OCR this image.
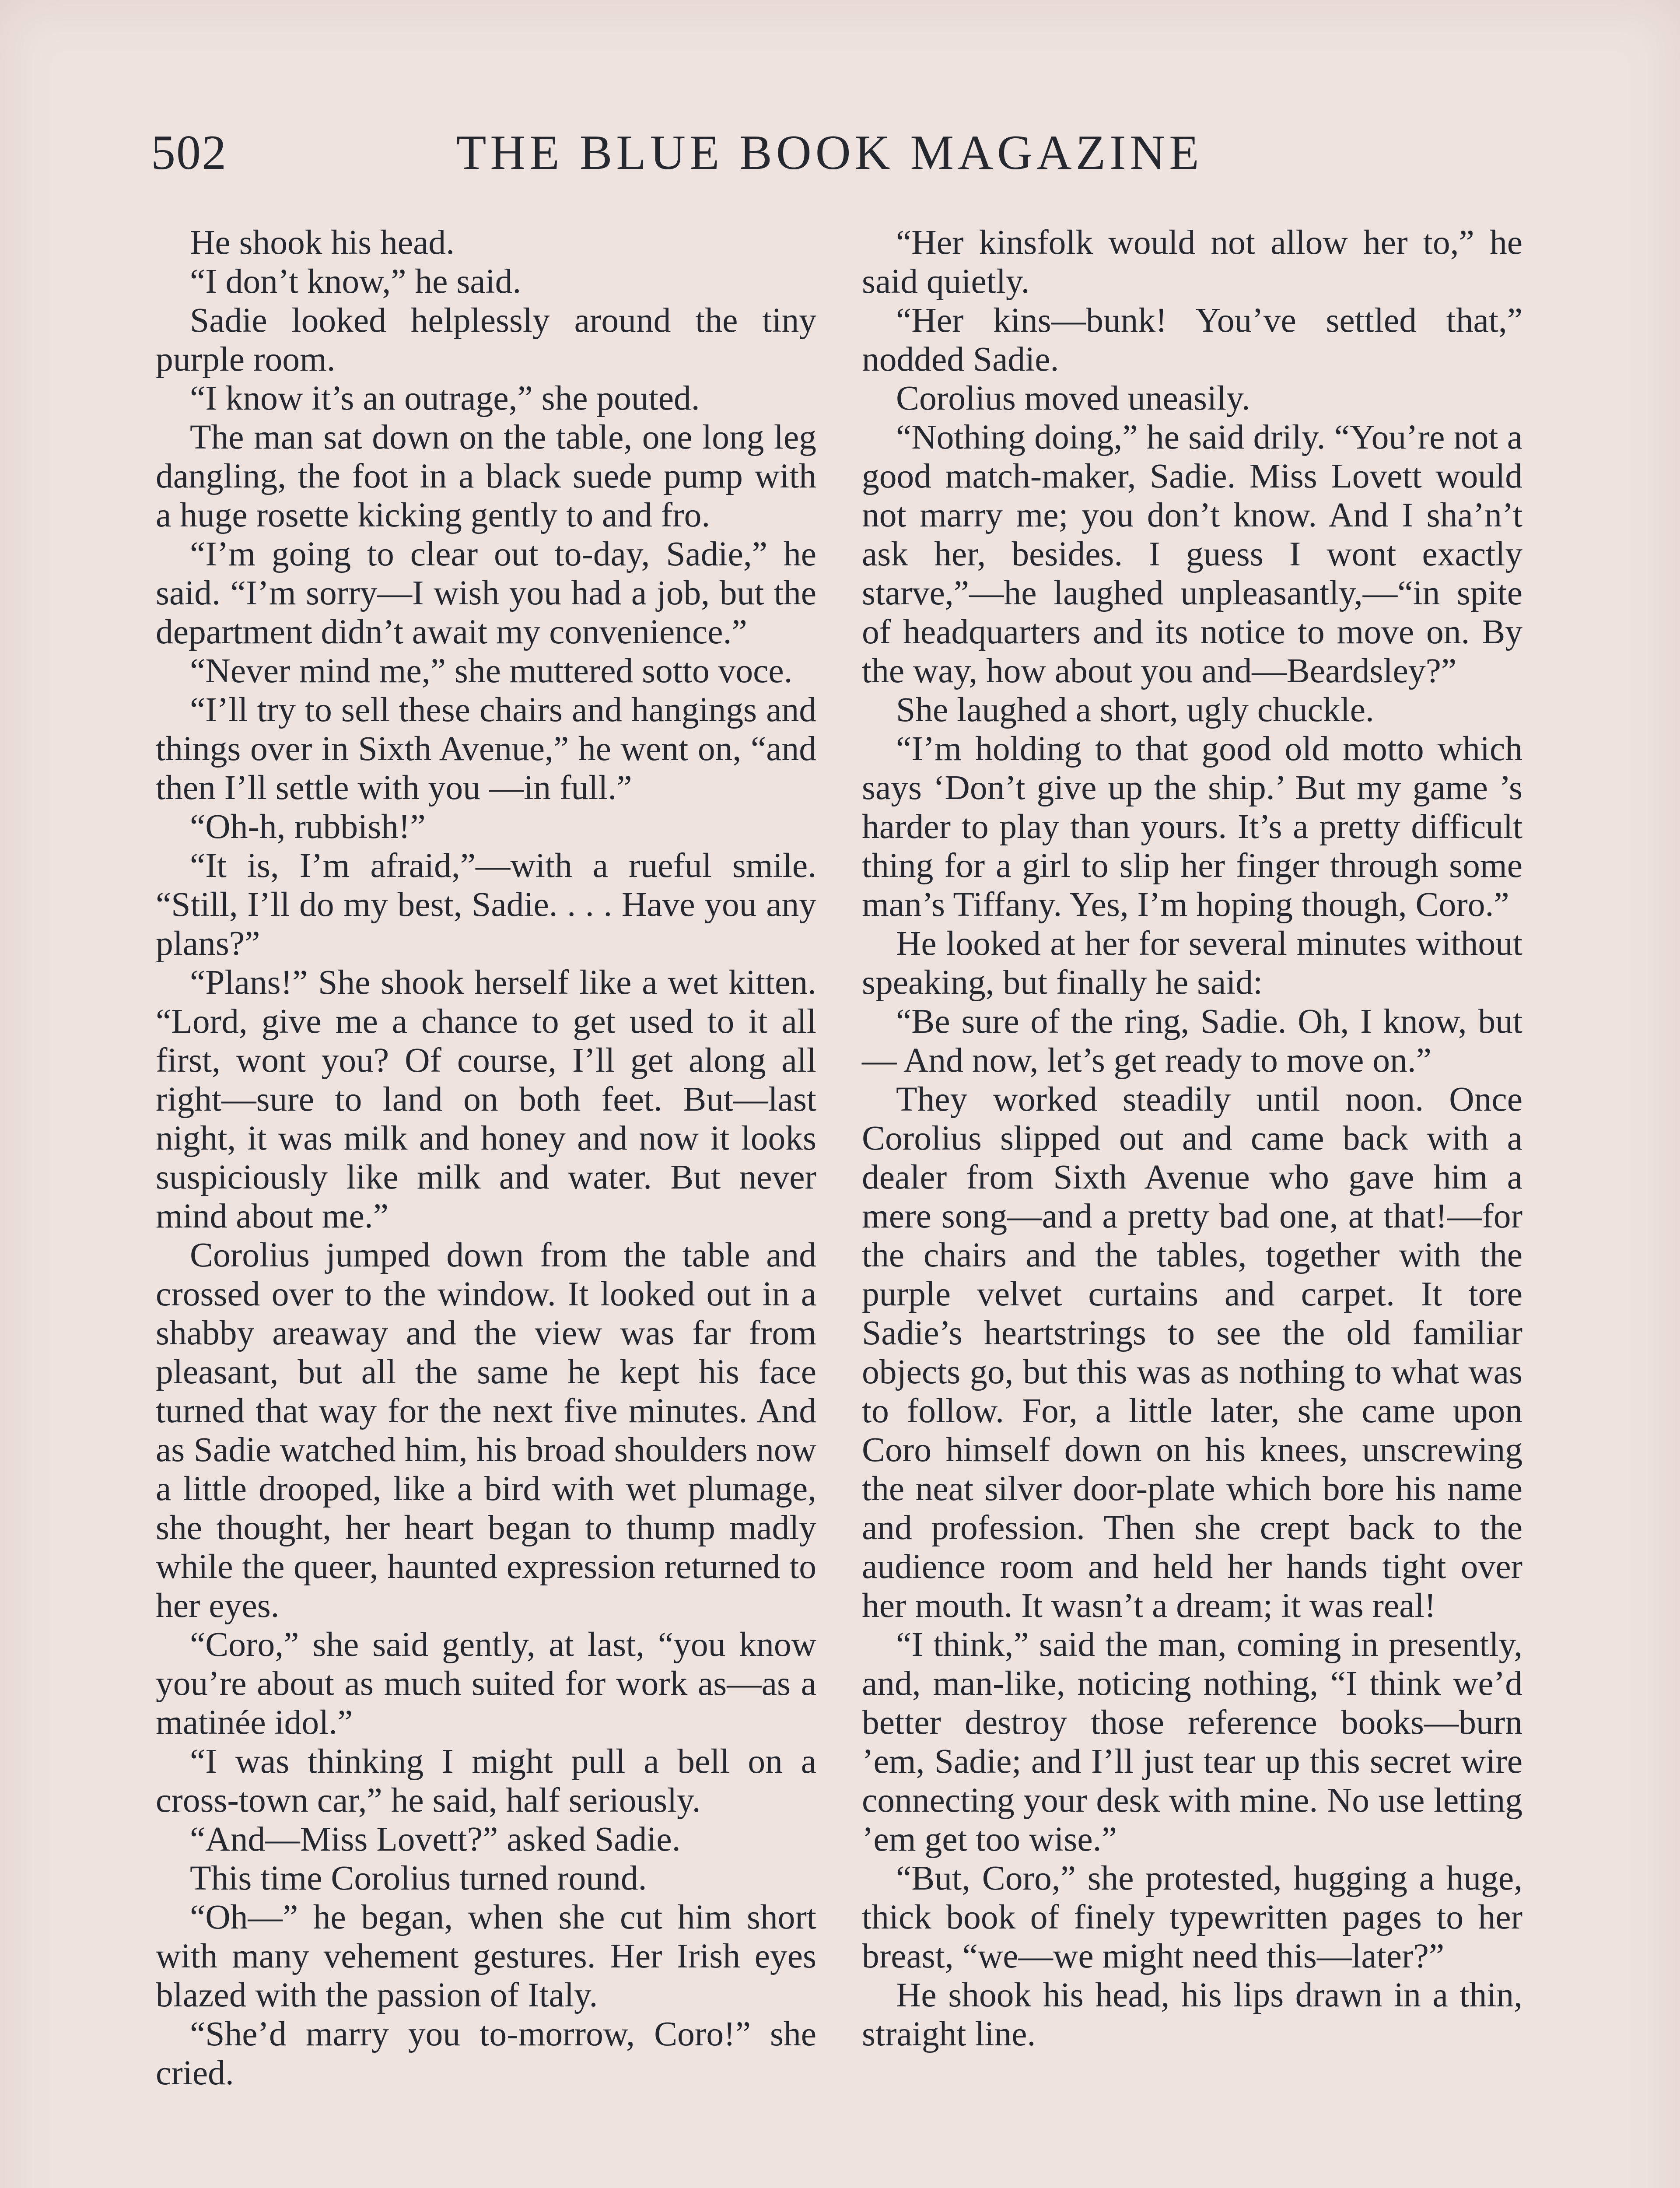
502	THE BLUE BOOK MAGAZINE

He shook his head.

“I don’t know,” he said.

Sadie looked helplessly around the tiny purple room.

“I know it’s an outrage,” she pouted.

The man sat down on the table, one long leg dangling, the foot in a black suede pump with a huge rosette kicking gently to and fro.

“I’m going to clear out to-day, Sadie,” he said. “I’m sorry—I wish you had a job, but the department didn’t await my convenience.”

“Never mind me,” she muttered sotto voce.

“I’ll try to sell these chairs and hangings and things over in Sixth Avenue,” he went on, “and then I’ll settle with you —in full.”

“Oh-h, rubbish!”

“It is, I’m afraid,”—with a rueful smile. “Still, I’ll do my best, Sadie. . . . Have you any plans?”

“Plans!” She shook herself like a wet kitten. “Lord, give me a chance to get used to it all first, wont you? Of course, I’ll get along all right—sure to land on both feet. But—last night, it was milk and honey and now it looks suspiciously like milk and water. But never mind about me.”

Corolius jumped down from the table and crossed over to the window. It looked out in a shabby areaway and the view was far from pleasant, but all the same he kept his face turned that way for the next five minutes. And as Sadie watched him, his broad shoulders now a little drooped, like a bird with wet plumage, she thought, her heart began to thump madly while the queer, haunted expression returned to her eyes.

“Coro,” she said gently, at last, “you know you’re about as much suited for work as—as a matinée idol.”

“I was thinking I might pull a bell on a cross-town car,” he said, half seriously.

“And—Miss Lovett?” asked Sadie.

This time Corolius turned round.

“Oh—” he began, when she cut him short with many vehement gestures. Her Irish eyes blazed with the passion of Italy.

“She’d marry you to-morrow, Coro!” she cried.

“Her kinsfolk would not allow her to,” he said quietly.

“Her kins—bunk! You’ve settled that,” nodded Sadie.

Corolius moved uneasily.

“Nothing doing,” he said drily. “You’re not a good match-maker, Sadie. Miss Lovett would not marry me; you don’t know. And I sha’n’t ask her, besides. I guess I wont exactly starve,”—he laughed unpleasantly,—“in spite of headquarters and its notice to move on. By the way, how about you and—Beardsley?”

She laughed a short, ugly chuckle.

“I’m holding to that good old motto which says ‘Don’t give up the ship.’ But my game ’s harder to play than yours. It’s a pretty difficult thing for a girl to slip her finger through some man’s Tiffany. Yes, I’m hoping though, Coro.”

He looked at her for several minutes without speaking, but finally he said:

“Be sure of the ring, Sadie. Oh, I know, but— And now, let’s get ready to move on.”

They worked steadily until noon. Once Corolius slipped out and came back with a dealer from Sixth Avenue who gave him a mere song—and a pretty bad one, at that!—for the chairs and the tables, together with the purple velvet curtains and carpet. It tore Sadie’s heartstrings to see the old familiar objects go, but this was as nothing to what was to follow. For, a little later, she came upon Coro himself down on his knees, unscrewing the neat silver door-plate which bore his name and profession. Then she crept back to the audience room and held her hands tight over her mouth. It wasn’t a dream; it was real!

“I think,” said the man, coming in presently, and, man-like, noticing nothing, “I think we’d better destroy those reference books—burn ’em, Sadie; and I’ll just tear up this secret wire connecting your desk with mine. No use letting ’em get too wise.”

“But, Coro,” she protested, hugging a huge, thick book of finely typewritten pages to her breast, “we—we might need this—later?”

He shook his head, his lips drawn in a thin, straight line.
